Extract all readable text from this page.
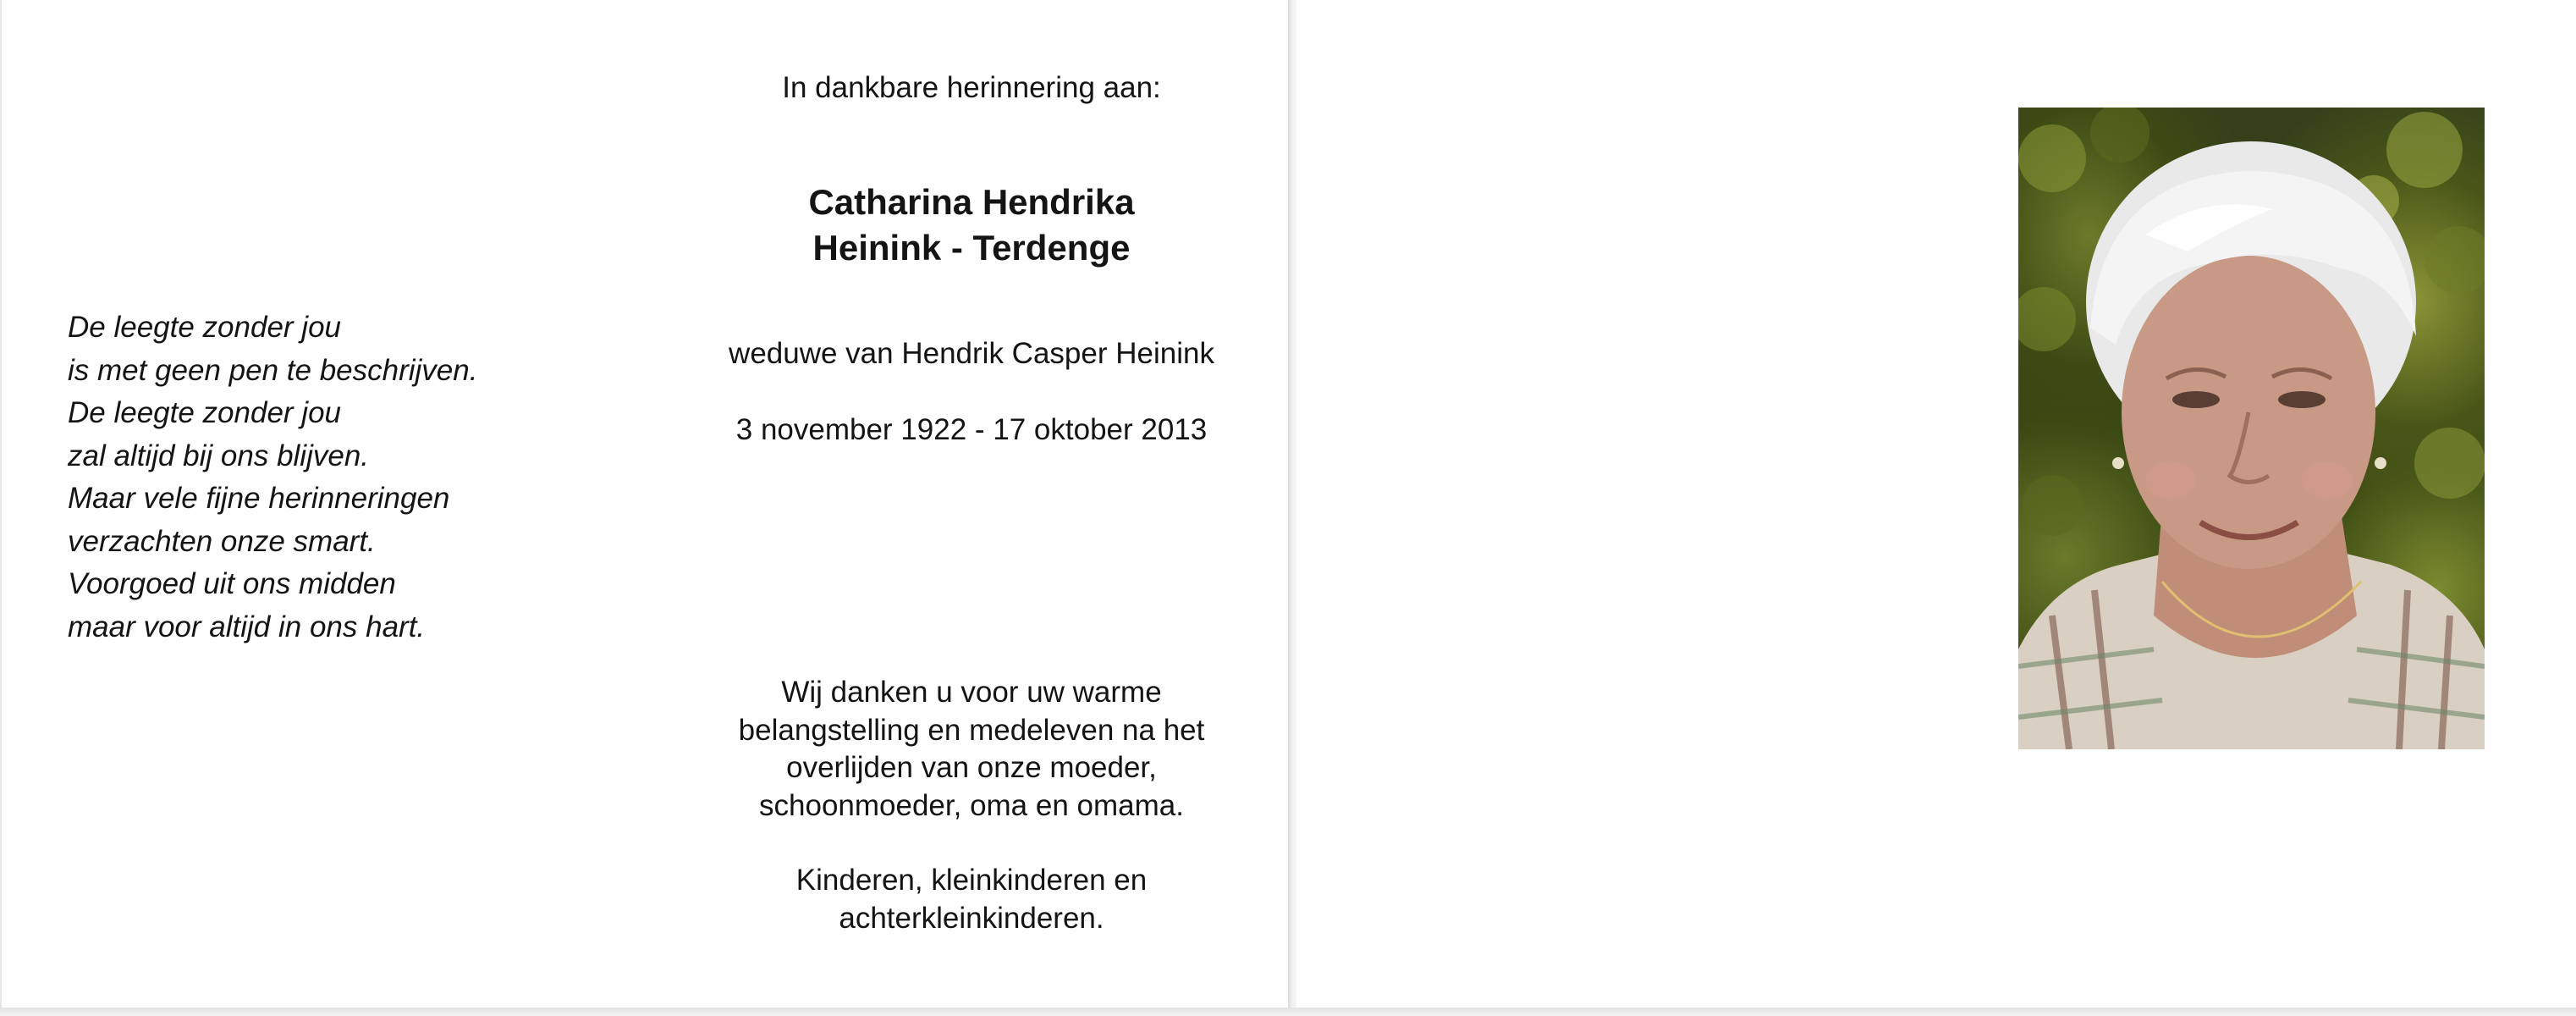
De leegte zonder jou
is met geen pen te beschrijven.
De leegte zonder jou
zal altijd bij ons blijven.
Maar vele fijne herinneringen
verzachten onze smart.
Voorgoed uit ons midden
maar voor altijd in ons hart.

In dankbare herinnering aan:
Catharina Hendrika
Heinink - Terdenge
weduwe van Hendrik Casper Heinink
3 november 1922 - 17 oktober 2013
Wij danken u voor uw warme
belangstelling en medeleven na het
overlijden van onze moeder,
schoonmoeder, oma en omama.
Kinderen, kleinkinderen en
achterkleinkinderen.
